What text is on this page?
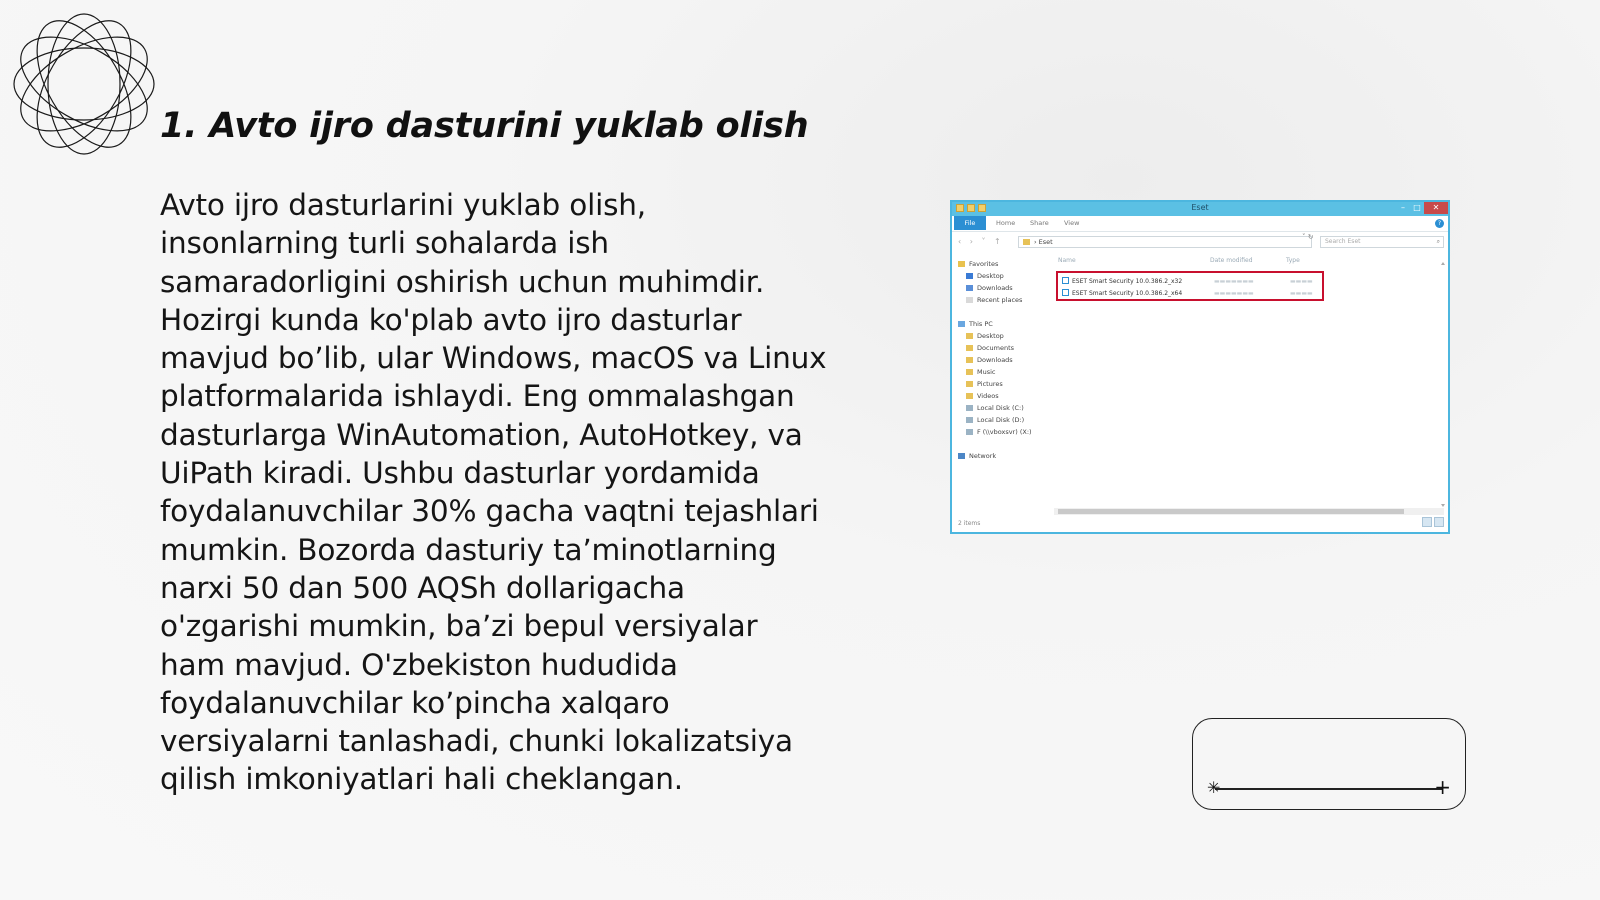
1. Avto ijro dasturini yuklab olish
Avto ijro dasturlarini yuklab olish,
insonlarning turli sohalarda ish
samaradorligini oshirish uchun muhimdir.
Hozirgi kunda ko'plab avto ijro dasturlar
mavjud bo’lib, ular Windows, macOS va Linux
platformalarida ishlaydi. Eng ommalashgan
dasturlarga WinAutomation, AutoHotkey, va
UiPath kiradi. Ushbu dasturlar yordamida
foydalanuvchilar 30% gacha vaqtni tejashlari
mumkin. Bozorda dasturiy ta’minotlarning
narxi 50 dan 500 AQSh dollarigacha
o'zgarishi mumkin, ba’zi bepul versiyalar
ham mavjud. O'zbekiston hududida
foydalanuvchilar ko’pincha xalqaro
versiyalarni tanlashadi, chunki lokalizatsiya
qilish imkoniyatlari hali cheklangan.
Eset	–	□	✕
File	Home Share View	?
‹ › ˅ ↑	› Eset
˅ ↻
Search Eset	⌕
Favorites
Desktop
Downloads
Recent places
This PC
Desktop
Documents
Downloads
Music
Pictures
Videos
Local Disk (C:)
Local Disk (D:)
F (\\vboxsvr) (X:)
Network
Name	Date modified	Type
ESET Smart Security 10.0.386.2_x32	▬▬▬▬▬▬▬	▬▬▬▬
ESET Smart Security 10.0.386.2_x64	▬▬▬▬▬▬▬	▬▬▬▬
2 items
✳	+
